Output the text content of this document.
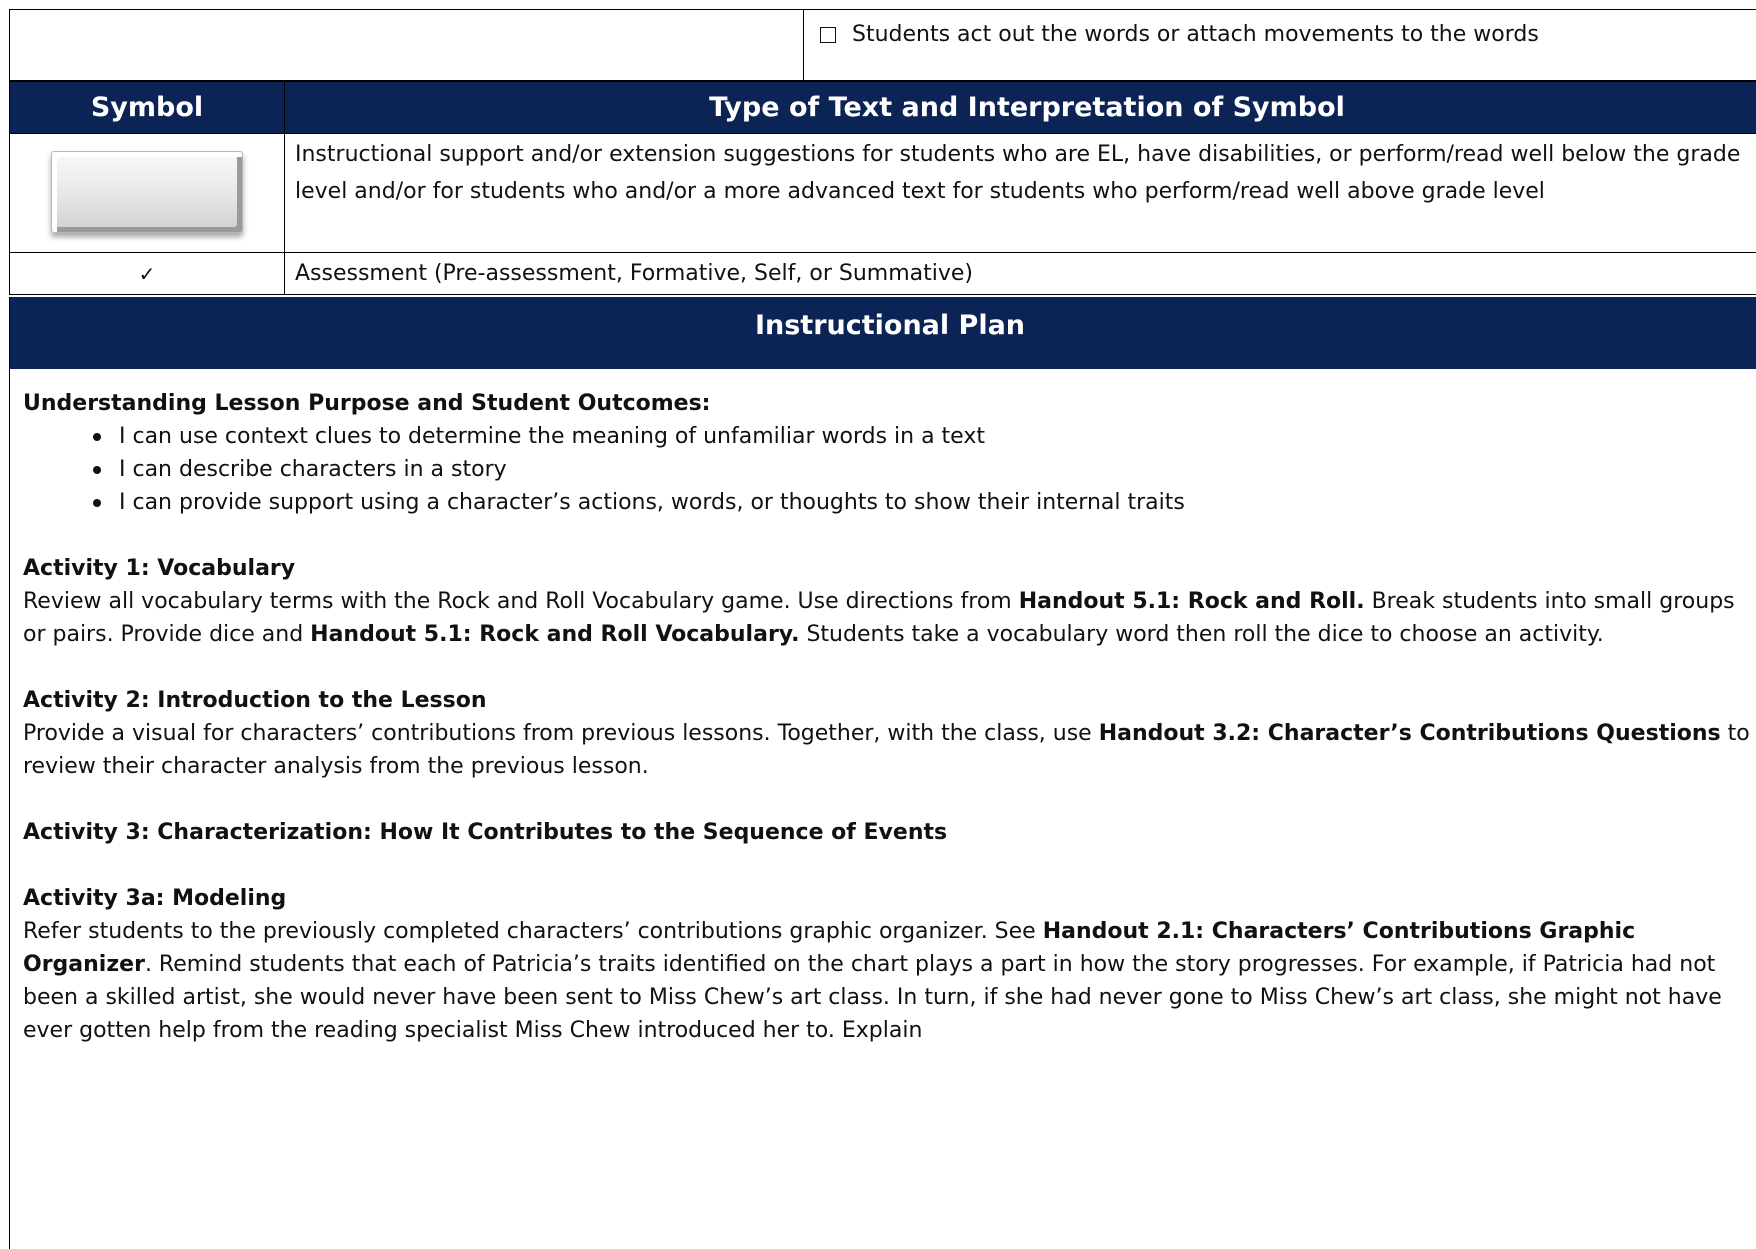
Students act out the words or attach movements to the words
Symbol	Type of Text and Interpretation of Symbol
	Instructional support and/or extension suggestions for students who are EL, have disabilities, or perform/read well below the grade level and/or for students who and/or a more advanced text for students who perform/read well above grade level
✓	Assessment (Pre-assessment, Formative, Self, or Summative)
Instructional Plan
Understanding Lesson Purpose and Student Outcomes:
I can use context clues to determine the meaning of unfamiliar words in a text
I can describe characters in a story
I can provide support using a character’s actions, words, or thoughts to show their internal traits
Activity 1: Vocabulary

Review all vocabulary terms with the Rock and Roll Vocabulary game. Use directions from Handout 5.1: Rock and Roll. Break students into small groups or pairs. Provide dice and Handout 5.1: Rock and Roll Vocabulary. Students take a vocabulary word then roll the dice to choose an activity.

Activity 2: Introduction to the Lesson

Provide a visual for characters’ contributions from previous lessons. Together, with the class, use Handout 3.2: Character’s Contributions Questions to review their character analysis from the previous lesson.

Activity 3: Characterization: How It Contributes to the Sequence of Events
Activity 3a: Modeling

Refer students to the previously completed characters’ contributions graphic organizer. See Handout 2.1: Characters’ Contributions Graphic Organizer. Remind students that each of Patricia’s traits identified on the chart plays a part in how the story progresses. For example, if Patricia had not been a skilled artist, she would never have been sent to Miss Chew’s art class. In turn, if she had never gone to Miss Chew’s art class, she might not have ever gotten help from the reading specialist Miss Chew introduced her to. Explain
